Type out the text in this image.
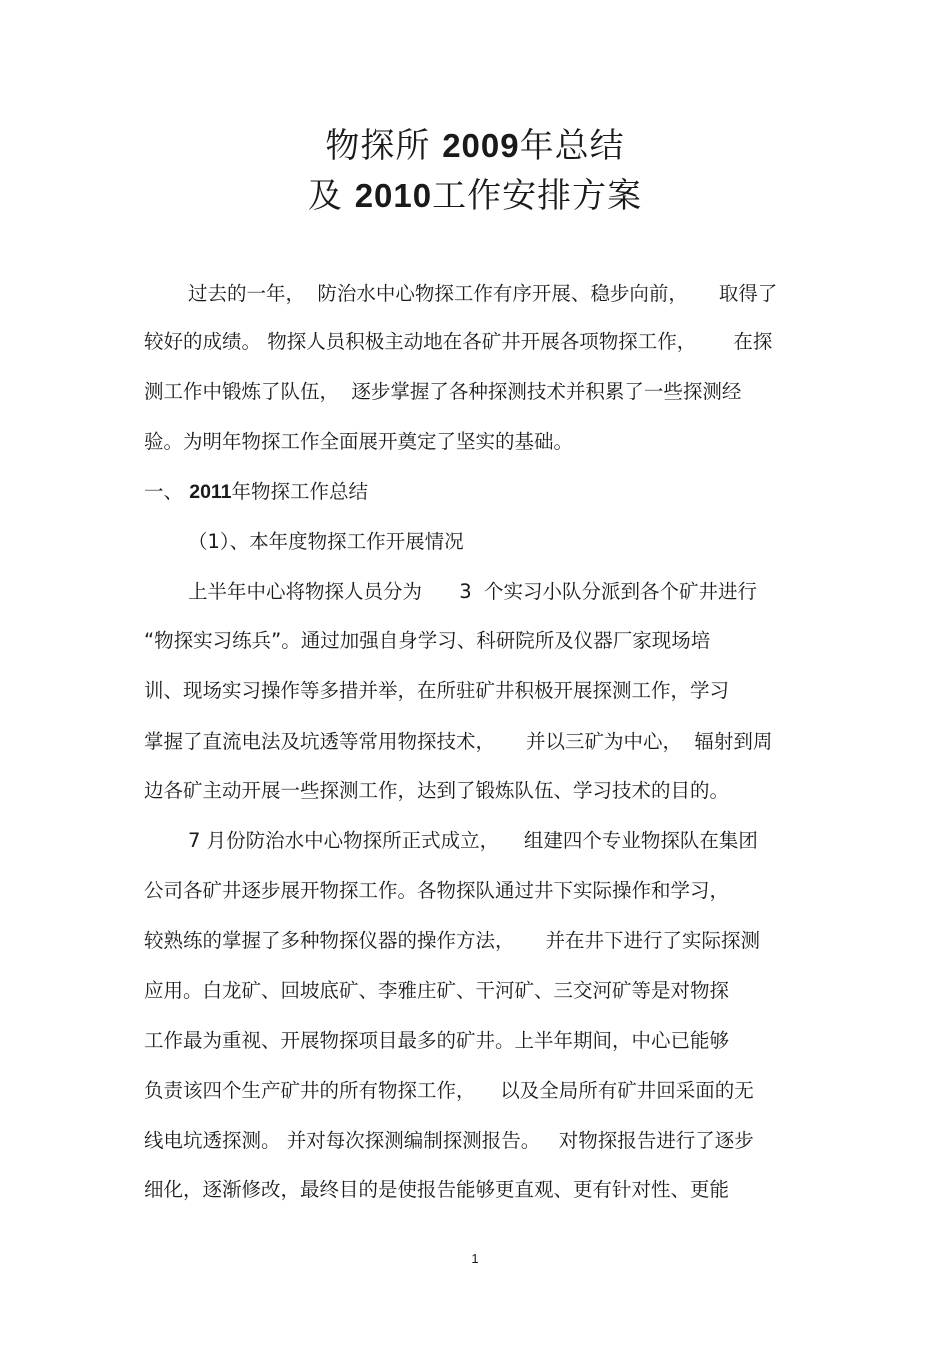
物探所 2009年总结
及 2010工作安排方案
过去的一年，  防治水中心物探工作有序开展、稳步向前，     取得了
较好的成绩。 物探人员积极主动地在各矿井开展各项物探工作，      在探
测工作中锻炼了队伍，  逐步掌握了各种探测技术并积累了一些探测经
验。为明年物探工作全面展开奠定了坚实的基础。
一、 2011年物探工作总结
（1）、本年度物探工作开展情况
上半年中心将物探人员分为      3  个实习小队分派到各个矿井进行
“物探实习练兵”。通过加强自身学习、科研院所及仪器厂家现场培
训、现场实习操作等多措并举，在所驻矿井积极开展探测工作，学习
掌握了直流电法及坑透等常用物探技术，     并以三矿为中心，  辐射到周
边各矿主动开展一些探测工作，达到了锻炼队伍、学习技术的目的。
7 月份防治水中心物探所正式成立，    组建四个专业物探队在集团
公司各矿井逐步展开物探工作。各物探队通过井下实际操作和学习，
较熟练的掌握了多种物探仪器的操作方法，     并在井下进行了实际探测
应用。白龙矿、回坡底矿、李雅庄矿、干河矿、三交河矿等是对物探
工作最为重视、开展物探项目最多的矿井。上半年期间，中心已能够
负责该四个生产矿井的所有物探工作，    以及全局所有矿井回采面的无
线电坑透探测。 并对每次探测编制探测报告。   对物探报告进行了逐步
细化，逐渐修改，最终目的是使报告能够更直观、更有针对性、更能
1
